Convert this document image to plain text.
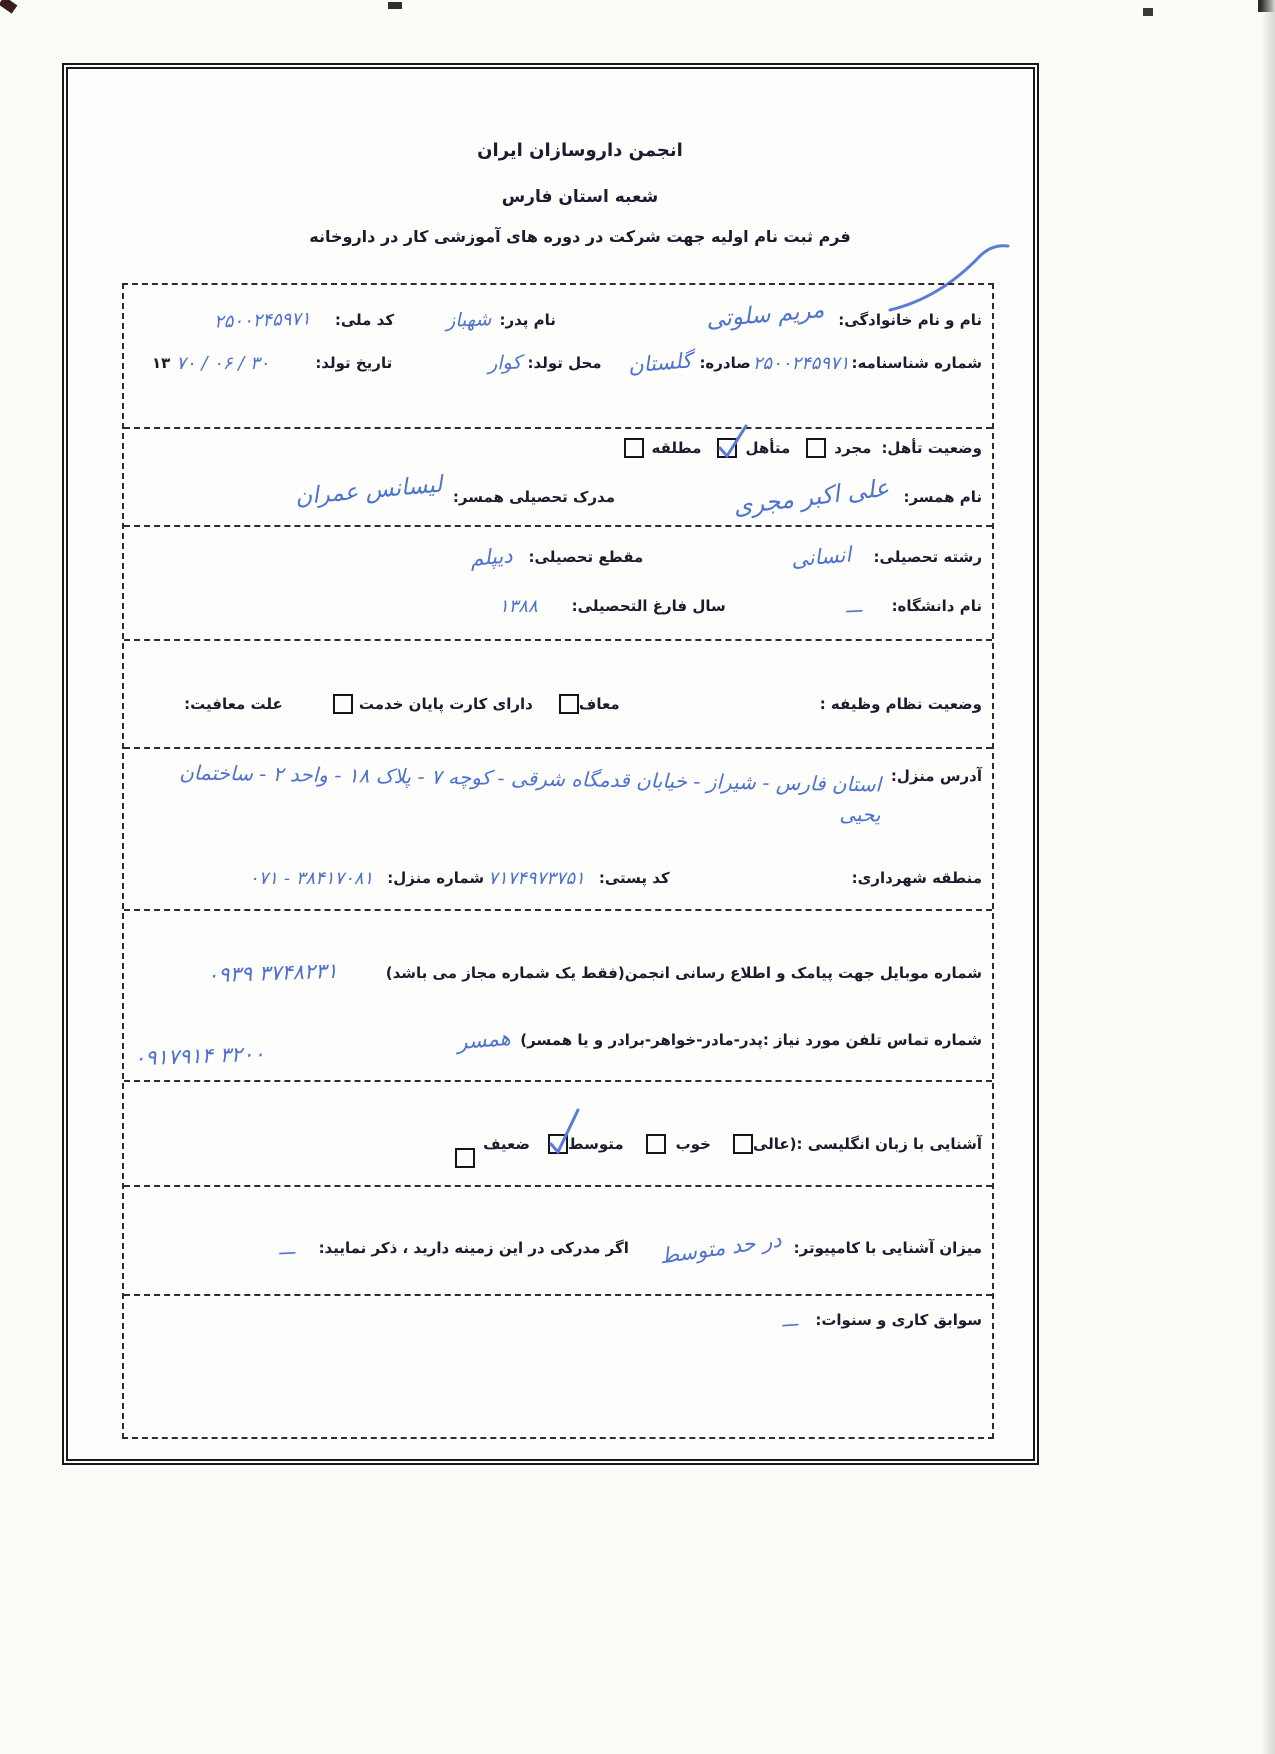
انجمن داروسازان ایران

شعبه استان فارس

فرم ثبت نام اولیه جهت شرکت در دوره های آموزشی کار در داروخانه

نام و نام خانوادگی:
مریم سلوتی
نام پدر:
شهباز
کد ملی:
۲۵۰۰۲۴۵۹۷۱
شماره شناسنامه:
۲۵۰۰۲۴۵۹۷۱
صادره:
گلستان
محل تولد:
کوار
تاریخ تولد:
۱۳ ۷۰ / ۰۶ / ۳۰
وضعیت تأهل:
مجرد
متأهل
مطلقه
نام همسر:
علی اکبر مجری
مدرک تحصیلی همسر:
لیسانس عمران
رشته تحصیلی:
انسانی
مقطع تحصیلی:
دیپلم
نام دانشگاه:
ـــ
سال فارغ التحصیلی:
۱۳۸۸
وضعیت نظام وظیفه :
معاف
دارای کارت پایان خدمت
علت معافیت:
آدرس منزل:
استان فارس - شیراز - خیابان قدمگاه شرقی - کوچه ۷ - پلاک ۱۸ - واحد ۲ - ساختمان یحیی
منطقه شهرداری:
کد پستی:
۷۱۷۴۹۷۳۷۵۱
شماره منزل:
۰۷۱ - ۳۸۴۱۷۰۸۱
شماره موبایل جهت پیامک و اطلاع رسانی انجمن(فقط یک شماره مجاز می باشد)
۰۹۳۹ ۳۷۴۸۲۳۱
شماره تماس تلفن مورد نیاز :پدر-مادر-خواهر-برادر و یا همسر)
همسر
۰۹۱۷۹۱۴ ۳۲۰۰
آشنایی با زبان انگلیسی :(
عالی
خوب
متوسط
ضعیف
میزان آشنایی با کامپیوتر:
در حد متوسط
اگر مدرکی در این زمینه دارید ، ذکر نمایید:
ـــ
سوابق کاری و سنوات:
ـــ
